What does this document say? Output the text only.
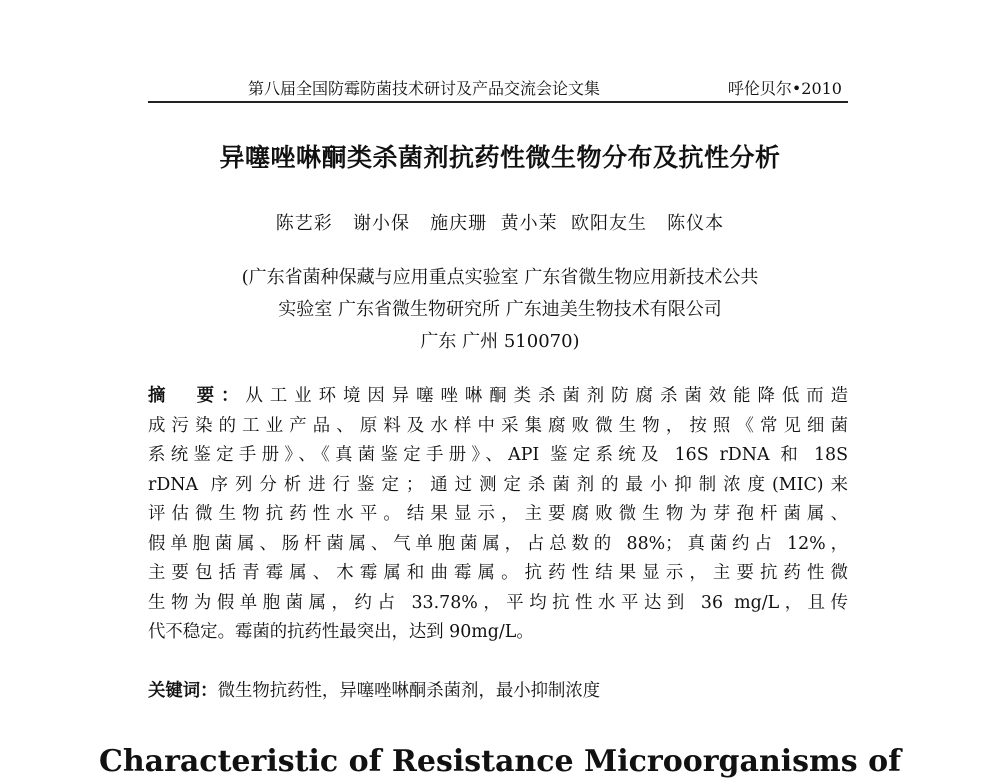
第八届全国防霉防菌技术研讨及产品交流会论文集	呼伦贝尔•2010
异噻唑啉酮类杀菌剂抗药性微生物分布及抗性分析
陈艺彩   谢小保   施庆珊  黄小茉  欧阳友生   陈仪本
(广东省菌种保藏与应用重点实验室 广东省微生物应用新技术公共
实验室 广东省微生物研究所 广东迪美生物技术有限公司
广东 广州 510070)
摘　要：从工业环境因异噻唑啉酮类杀菌剂防腐杀菌效能降低而造
成污染的工业产品、原料及水样中采集腐败微生物，按照《常见细菌
系统鉴定手册》、《真菌鉴定手册》、API 鉴定系统及 16S rDNA 和 18S
rDNA 序列分析进行鉴定；通过测定杀菌剂的最小抑制浓度(MIC)来
评估微生物抗药性水平。结果显示，主要腐败微生物为芽孢杆菌属、
假单胞菌属、肠杆菌属、气单胞菌属，占总数的 88%；真菌约占 12%，
主要包括青霉属、木霉属和曲霉属。抗药性结果显示，主要抗药性微
生物为假单胞菌属，约占 33.78%，平均抗性水平达到 36 mg/L，且传
代不稳定。霉菌的抗药性最突出，达到 90mg/L。
关键词：微生物抗药性，异噻唑啉酮杀菌剂，最小抑制浓度
Characteristic of Resistance Microorganisms of
